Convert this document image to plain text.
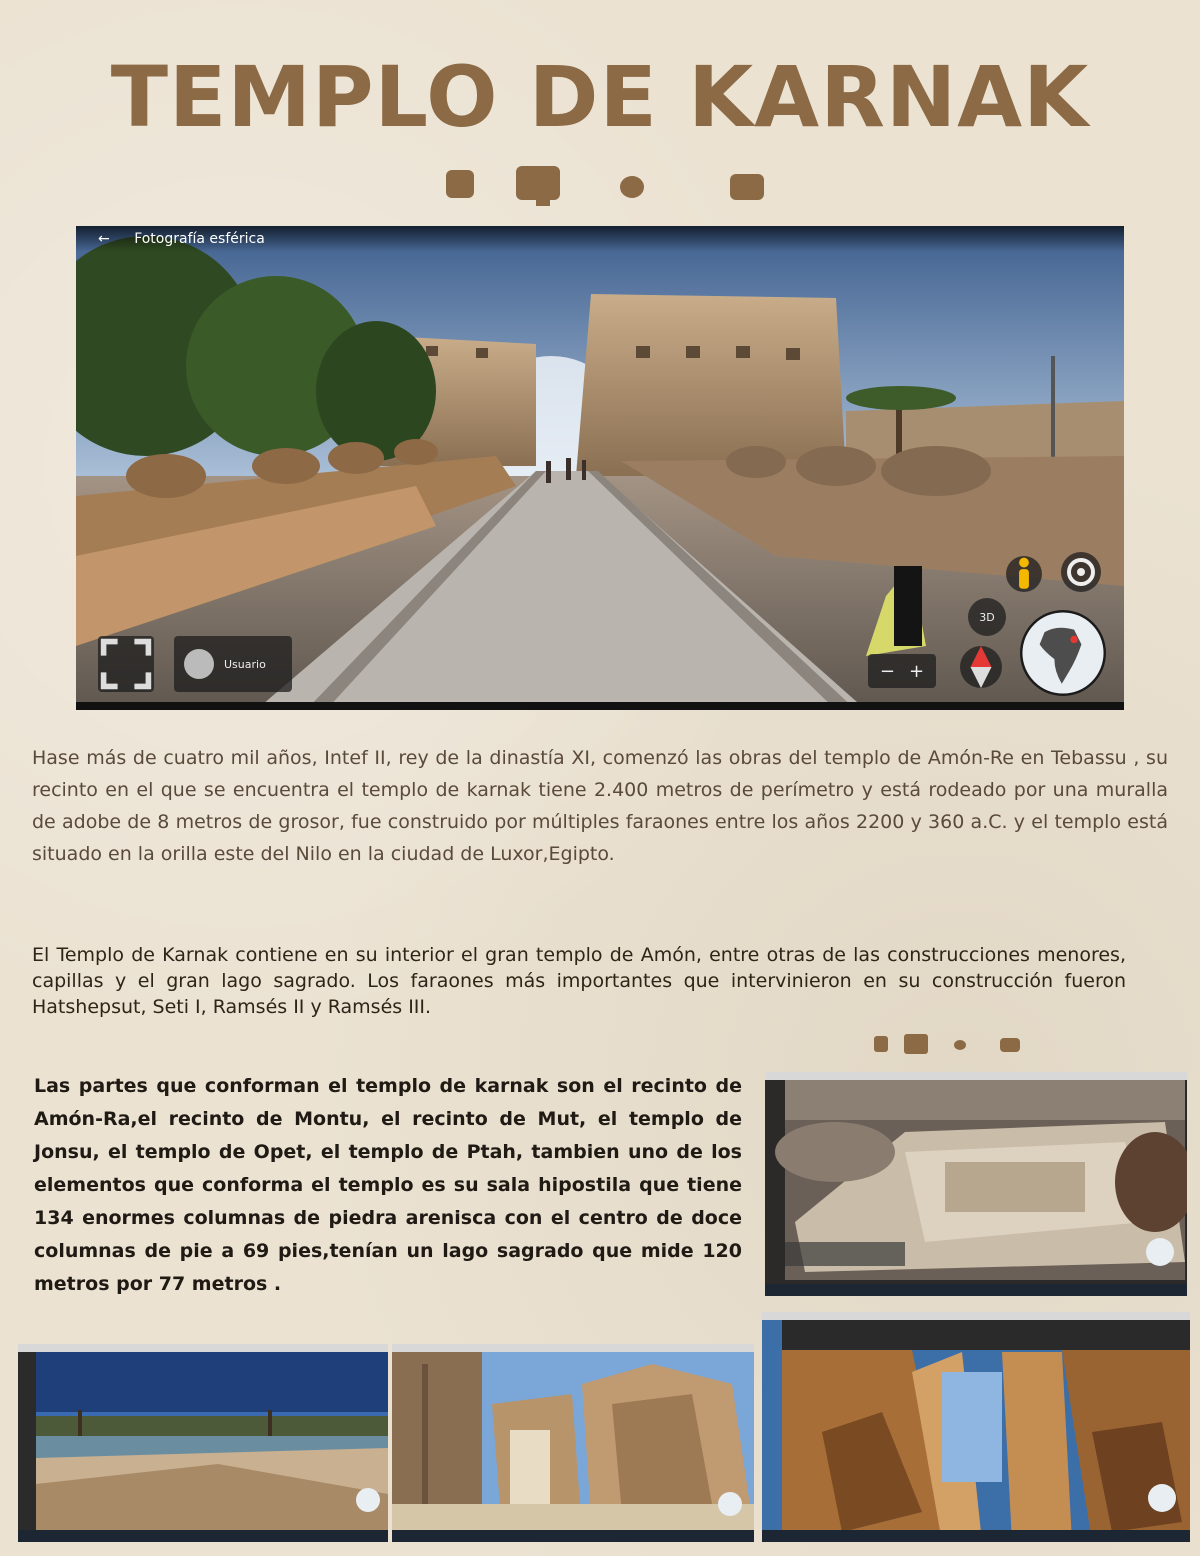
TEMPLO DE KARNAK
← Fotografía esférica
Usuario
3D
− +

Hase más de cuatro mil años, Intef II, rey de la dinastía XI, comenzó las obras del templo de Amón-Re en Tebassu , su recinto en el que se encuentra el templo de karnak tiene 2.400 metros de perímetro y está rodeado por una muralla de adobe de 8 metros de grosor, fue construido por múltiples faraones entre los años 2200 y 360 a.C. y el templo está situado en la orilla este del Nilo en la ciudad de Luxor,Egipto.

El Templo de Karnak contiene en su interior el gran templo de Amón, entre otras de las construcciones menores, capillas y el gran lago sagrado. Los faraones más importantes que intervinieron en su construcción fueron Hatshepsut, Seti I, Ramsés II y Ramsés III.

Las partes que conforman el templo de karnak son el recinto de Amón-Ra,el recinto de Montu, el recinto de Mut, el templo de Jonsu, el templo de Opet, el templo de Ptah, tambien uno de los elementos que conforma el templo es su sala hipostila que tiene 134 enormes columnas de piedra arenisca con el centro de doce columnas de pie a 69 pies,tenían un lago sagrado que mide 120 metros por 77 metros .
